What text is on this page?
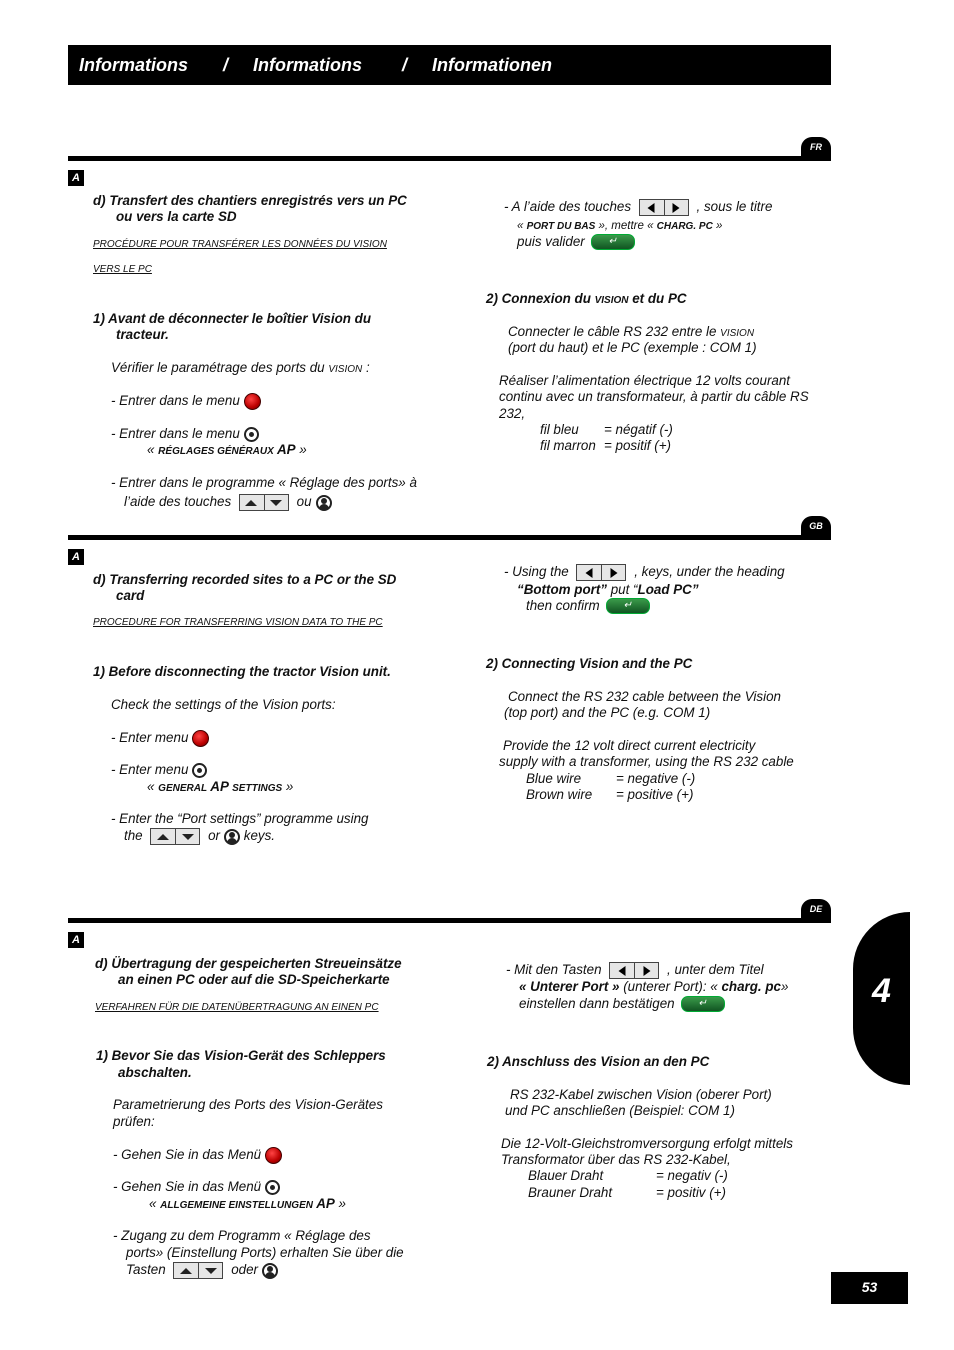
Informations / Informations / Informationen
FR
A
d) Transfert des chantiers enregistrés vers un PC
ou vers la carte SD
PROCÉDURE POUR TRANSFÉRER LES DONNÉES DU VISION
VERS LE PC
1) Avant de déconnecter le boîtier Vision du
tracteur.
Vérifier le paramétrage des ports du VISION :
- Entrer dans le menu
- Entrer dans le menu
« RÉGLAGES GÉNÉRAUX AP »
- Entrer dans le programme « Réglage des ports» à
l’aide des touches	ou
- A l’aide des touches	, sous le titre
« PORT DU BAS », mettre « CHARG. PC »
puis valider ↵
2) Connexion du VISION et du PC
Connecter le câble RS 232 entre le VISION
(port du haut) et le PC (exemple : COM 1)
Réaliser l’alimentation électrique 12 volts courant
continu avec un transformateur, à partir du câble RS
232,
fil bleu = négatif (-)
fil marron = positif (+)
GB
A
d) Transferring recorded sites to a PC or the SD
card
PROCEDURE FOR TRANSFERRING VISION DATA TO THE PC
1) Before disconnecting the tractor Vision unit.
Check the settings of the Vision ports:
- Enter menu
- Enter menu
« GENERAL AP SETTINGS »
- Enter the “Port settings” programme using
the	or keys.
- Using the	, keys, under the heading
“Bottom port” put “Load PC”
then confirm ↵
2) Connecting Vision and the PC
Connect the RS 232 cable between the Vision
(top port) and the PC (e.g. COM 1)
Provide the 12 volt direct current electricity
supply with a transformer, using the RS 232 cable
Blue wire	= negative (-)
Brown wire = positive (+)
DE
A
d) Übertragung der gespeicherten Streueinsätze
an einen PC oder auf die SD-Speicherkarte
VERFAHREN FÜR DIE DATENÜBERTRAGUNG AN EINEN PC
1) Bevor Sie das Vision-Gerät des Schleppers
abschalten.
Parametrierung des Ports des Vision-Gerätes
prüfen:
- Gehen Sie in das Menü
- Gehen Sie in das Menü
« ALLGEMEINE EINSTELLUNGEN AP »
- Zugang zu dem Programm « Réglage des
ports» (Einstellung Ports) erhalten Sie über die
Tasten	oder
- Mit den Tasten	, unter dem Titel
« Unterer Port » (unterer Port): « charg. pc»
einstellen dann bestätigen ↵
2) Anschluss des Vision an den PC
RS 232-Kabel zwischen Vision (oberer Port)
und PC anschließen (Beispiel: COM 1)
Die 12-Volt-Gleichstromversorgung erfolgt mittels
Transformator über das RS 232-Kabel,
Blauer Draht	= negativ (-)
Brauner Draht	= positiv (+)
4
53
